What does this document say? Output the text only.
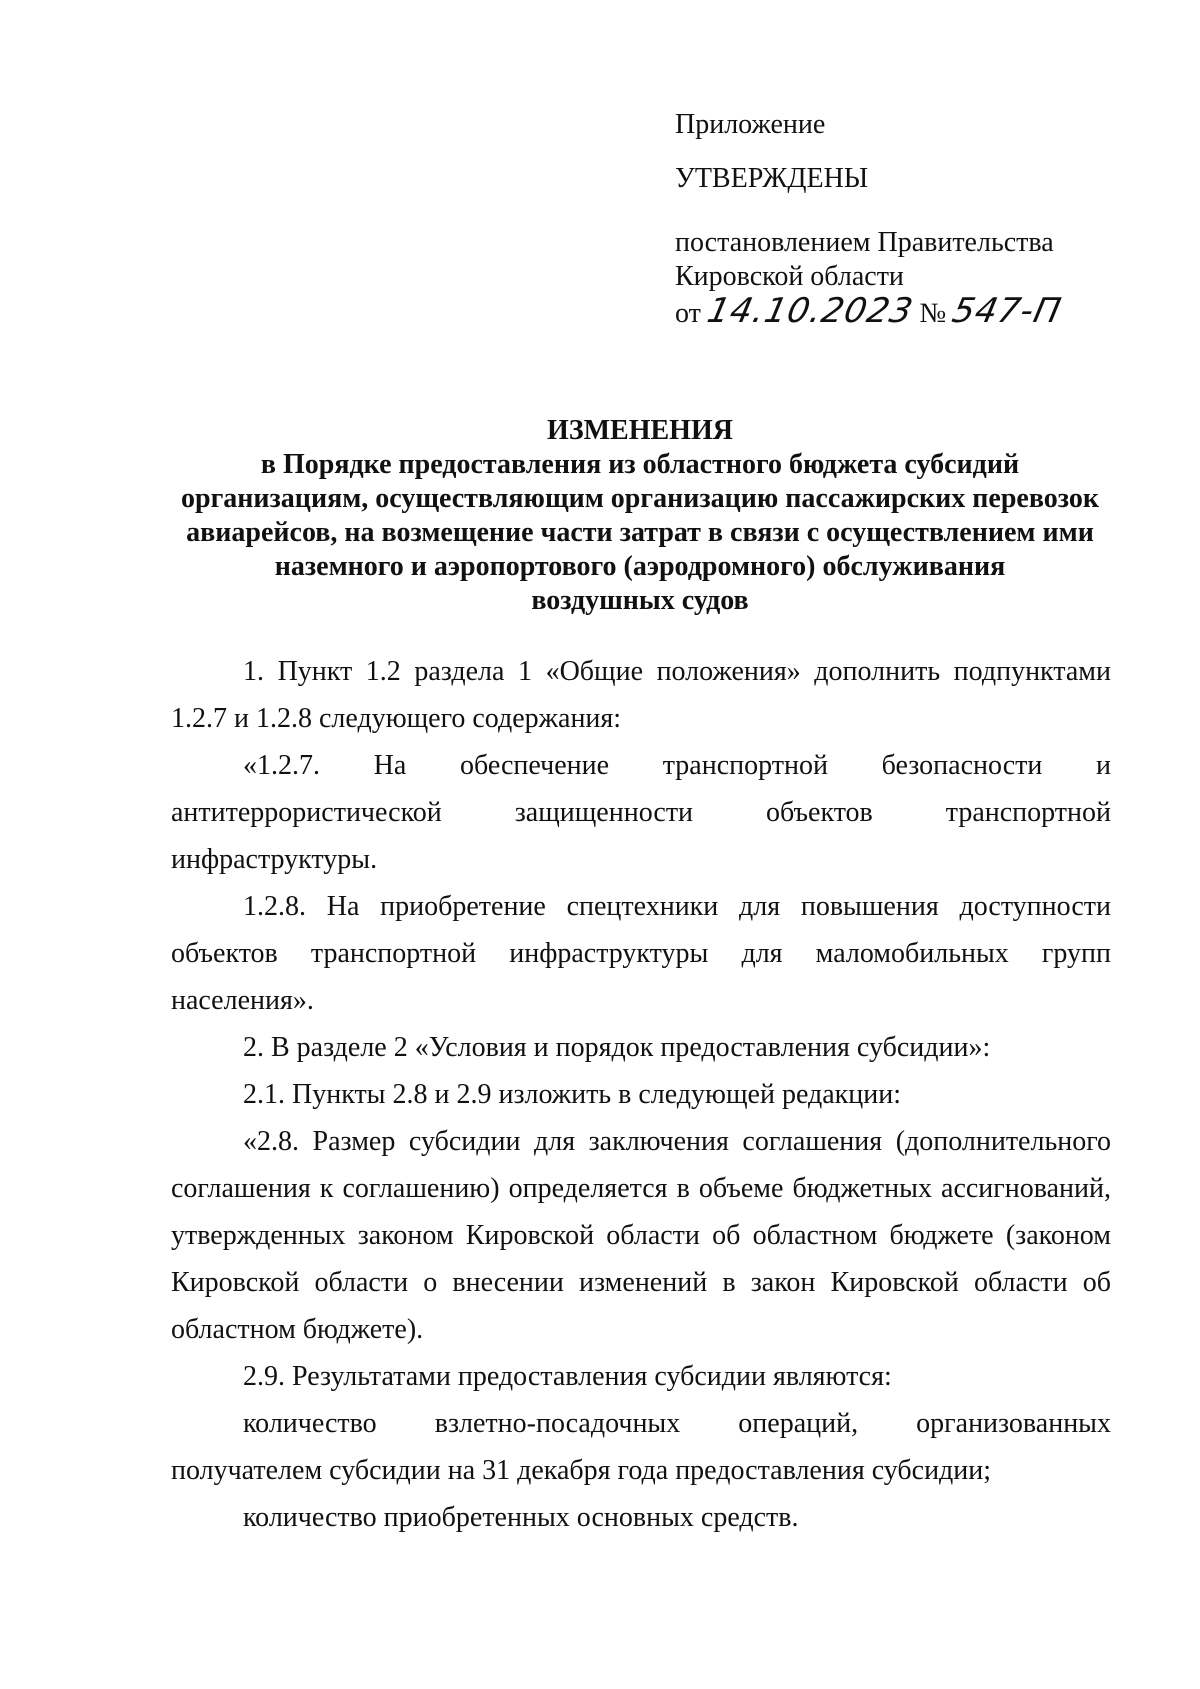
Приложение
УТВЕРЖДЕНЫ
постановлением Правительства
Кировской области
от 14.10.2023 № 547-П
ИЗМЕНЕНИЯ
в Порядке предоставления из областного бюджета субсидий
организациям, осуществляющим организацию пассажирских перевозок
авиарейсов, на возмещение части затрат в связи с осуществлением ими
наземного и аэропортового (аэродромного) обслуживания
воздушных судов

1. Пункт 1.2 раздела 1 «Общие положения» дополнить подпунктами 1.2.7 и 1.2.8 следующего содержания:

«1.2.7. На обеспечение транспортной безопасности и антитеррористической защищенности объектов транспортной инфраструктуры.

1.2.8. На приобретение спецтехники для повышения доступности объектов транспортной инфраструктуры для маломобильных групп населения».

2. В разделе 2 «Условия и порядок предоставления субсидии»:

2.1. Пункты 2.8 и 2.9 изложить в следующей редакции:

«2.8. Размер субсидии для заключения соглашения (дополнительного соглашения к соглашению) определяется в объеме бюджетных ассигнований, утвержденных законом Кировской области об областном бюджете (законом Кировской области о внесении изменений в закон Кировской области об областном бюджете).

2.9. Результатами предоставления субсидии являются:

количество взлетно-посадочных операций, организованных получателем субсидии на 31 декабря года предоставления субсидии;

количество приобретенных основных средств.
